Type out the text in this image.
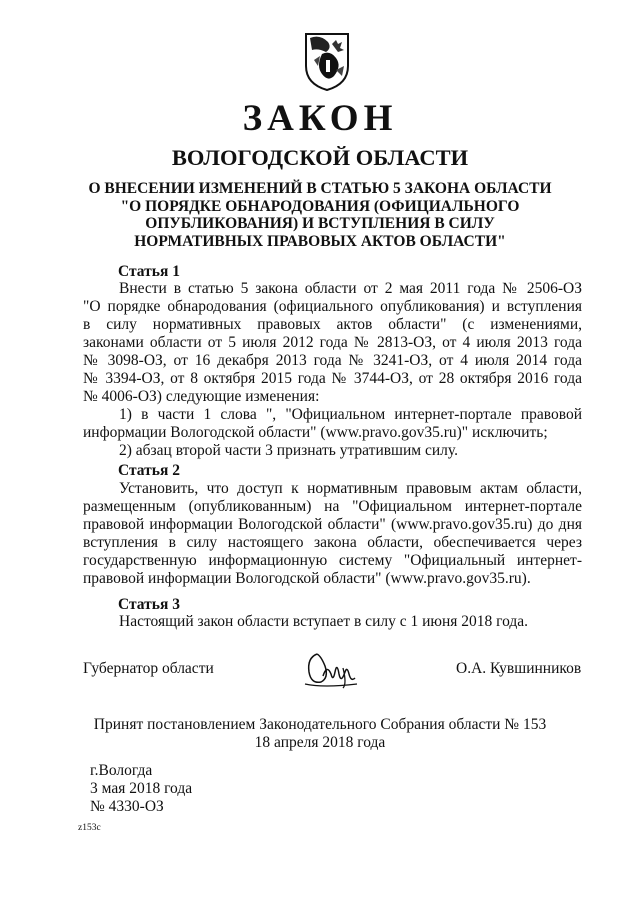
ЗАКОН
ВОЛОГОДСКОЙ ОБЛАСТИ
О ВНЕСЕНИИ ИЗМЕНЕНИЙ В СТАТЬЮ 5 ЗАКОНА ОБЛАСТИ
"О ПОРЯДКЕ ОБНАРОДОВАНИЯ (ОФИЦИАЛЬНОГО
ОПУБЛИКОВАНИЯ) И ВСТУПЛЕНИЯ В СИЛУ
НОРМАТИВНЫХ ПРАВОВЫХ АКТОВ ОБЛАСТИ"
Статья 1
Внести в статью 5 закона области от 2 мая 2011 года № 2506-ОЗ
"О порядке обнародования (официального опубликования) и вступления
в силу нормативных правовых актов области" (с изменениями,
законами области от 5 июля 2012 года № 2813-ОЗ, от 4 июля 2013 года
№ 3098-ОЗ, от 16 декабря 2013 года № 3241-ОЗ, от 4 июля 2014 года
№ 3394-ОЗ, от 8 октября 2015 года № 3744-ОЗ, от 28 октября 2016 года
№ 4006-ОЗ) следующие изменения:
1) в части 1 слова ", "Официальном интернет-портале правовой
информации Вологодской области" (www.pravo.gov35.ru)" исключить;
2) абзац второй части 3 признать утратившим силу.
Статья 2
Установить, что доступ к нормативным правовым актам области,
размещенным (опубликованным) на "Официальном интернет-портале
правовой информации Вологодской области" (www.pravo.gov35.ru) до дня
вступления в силу настоящего закона области, обеспечивается через
государственную информационную систему "Официальный интернет-
правовой информации Вологодской области" (www.pravo.gov35.ru).
Статья 3
Настоящий закон области вступает в силу с 1 июня 2018 года.
Губернатор области	О.А. Кувшинников
Принят постановлением Законодательного Собрания области № 153
18 апреля 2018 года
г.Вологда
3 мая 2018 года
№ 4330-ОЗ
z153c
